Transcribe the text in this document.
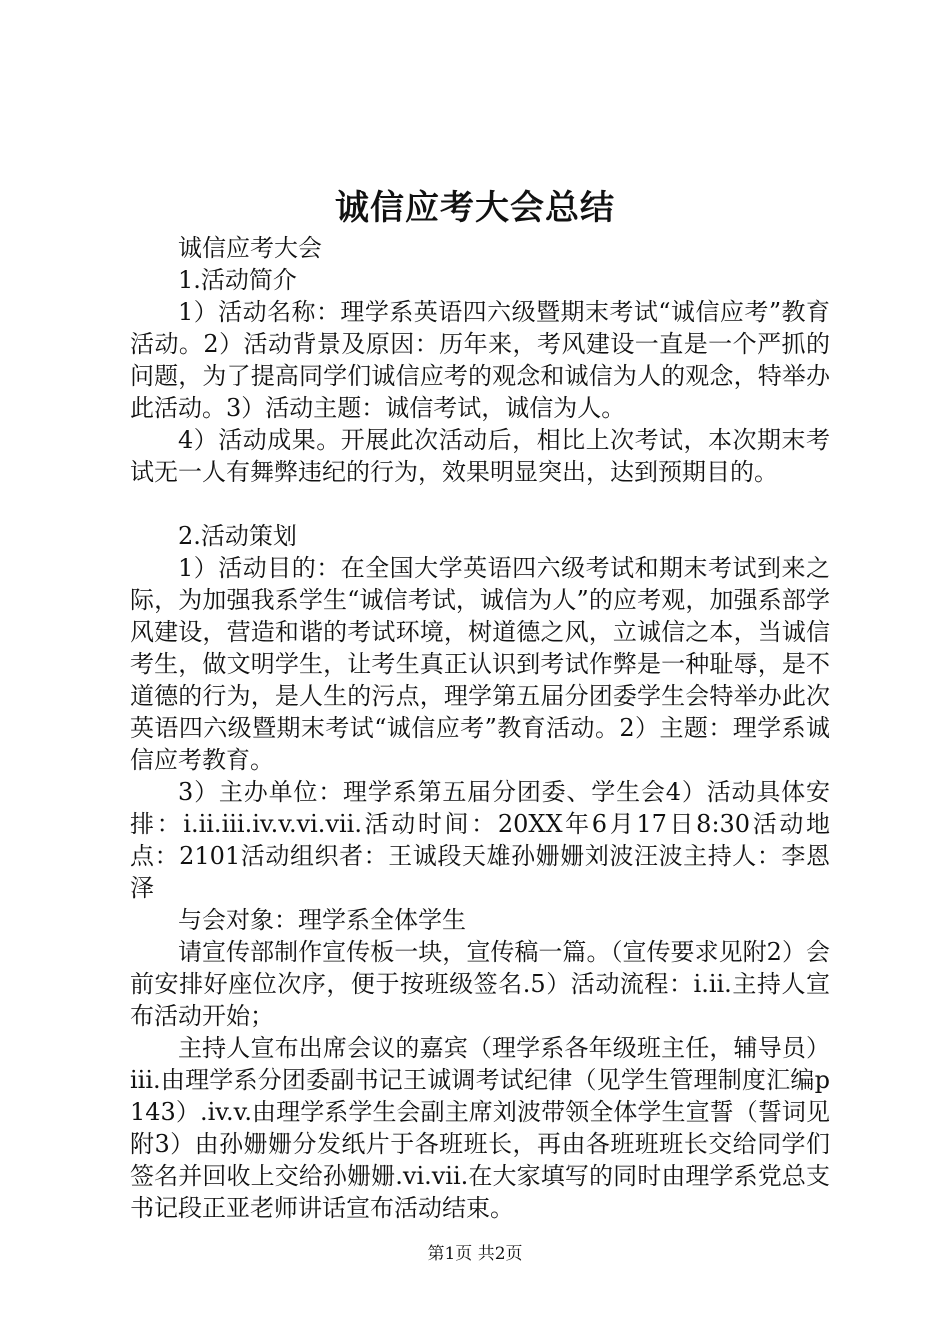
诚信应考大会总结

诚信应考大会

1.活动简介

1）活动名称：理学系英语四六级暨期末考试“诚信应考”教育活动。2）活动背景及原因：历年来，考风建设一直是一个严抓的问题，为了提高同学们诚信应考的观念和诚信为人的观念，特举办此活动。3）活动主题：诚信考试，诚信为人。

4）活动成果。开展此次活动后，相比上次考试，本次期末考试无一人有舞弊违纪的行为，效果明显突出，达到预期目的。

2.活动策划

1）活动目的：在全国大学英语四六级考试和期末考试到来之际，为加强我系学生“诚信考试，诚信为人”的应考观，加强系部学风建设，营造和谐的考试环境，树道德之风，立诚信之本，当诚信考生，做文明学生，让考生真正认识到考试作弊是一种耻辱，是不道德的行为，是人生的污点，理学第五届分团委学生会特举办此次英语四六级暨期末考试“诚信应考”教育活动。2）主题：理学系诚信应考教育。

3）主办单位：理学系第五届分团委、学生会4）活动具体安排：i.ii.iii.iv.v.vi.vii.活动时间：20XX年6月17日8:30活动地点：2101活动组织者：王诚段天雄孙姗姗刘波汪波主持人：李恩泽

与会对象：理学系全体学生

请宣传部制作宣传板一块，宣传稿一篇。（宣传要求见附2）会前安排好座位次序，便于按班级签名.5）活动流程：i.ii.主持人宣布活动开始；

主持人宣布出席会议的嘉宾（理学系各年级班主任，辅导员）iii.由理学系分团委副书记王诚调考试纪律（见学生管理制度汇编p143）.iv.v.由理学系学生会副主席刘波带领全体学生宣誓（誓词见附3）由孙姗姗分发纸片于各班班长，再由各班班班长交给同学们签名并回收上交给孙姗姗.vi.vii.在大家填写的同时由理学系党总支书记段正亚老师讲话宣布活动结束。

第1页 共2页
